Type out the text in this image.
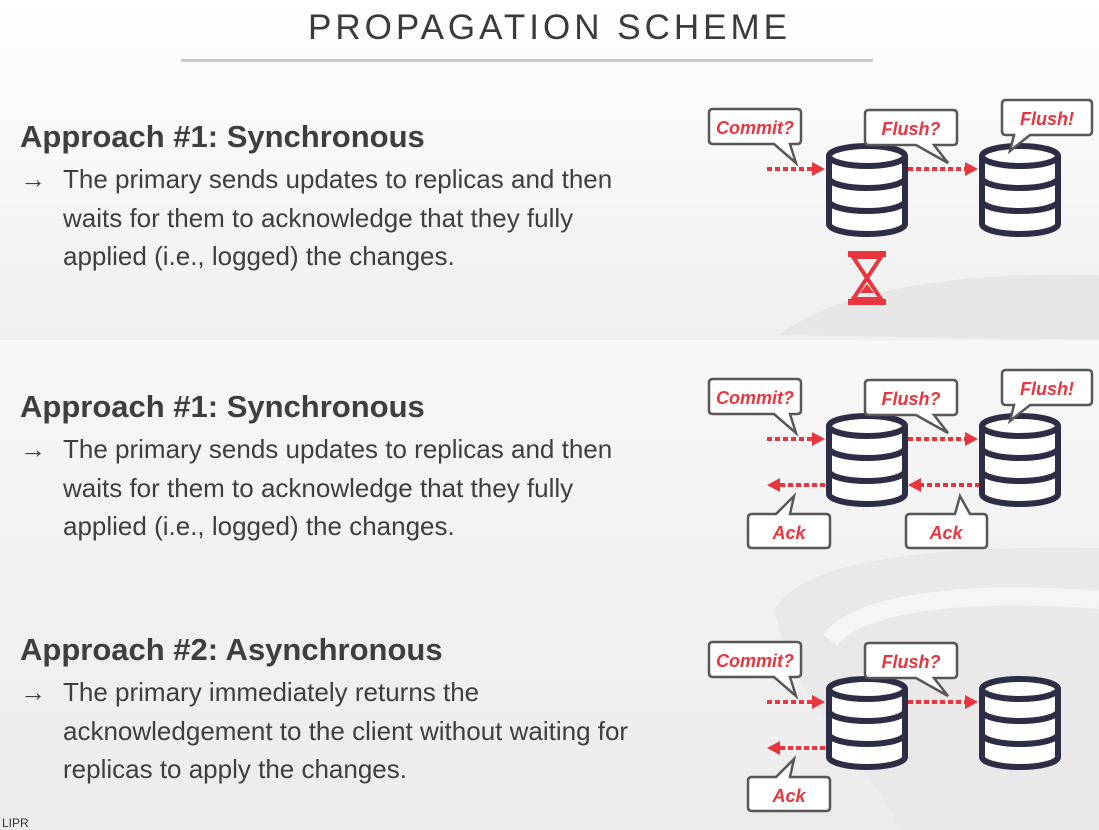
PROPAGATION SCHEME
Approach #1: Synchronous
→ The primary sends updates to replicas and then waits for them to acknowledge that they fully applied (i.e., logged) the changes.
Approach #1: Synchronous
→ The primary sends updates to replicas and then waits for them to acknowledge that they fully applied (i.e., logged) the changes.
Approach #2: Asynchronous
→ The primary immediately returns the acknowledgement to the client without waiting for replicas to apply the changes.
Commit?	Flush?	Flush!
Commit?	Flush?	Flush!
Ack	Ack
Commit?	Flush?
Ack
LIPR
